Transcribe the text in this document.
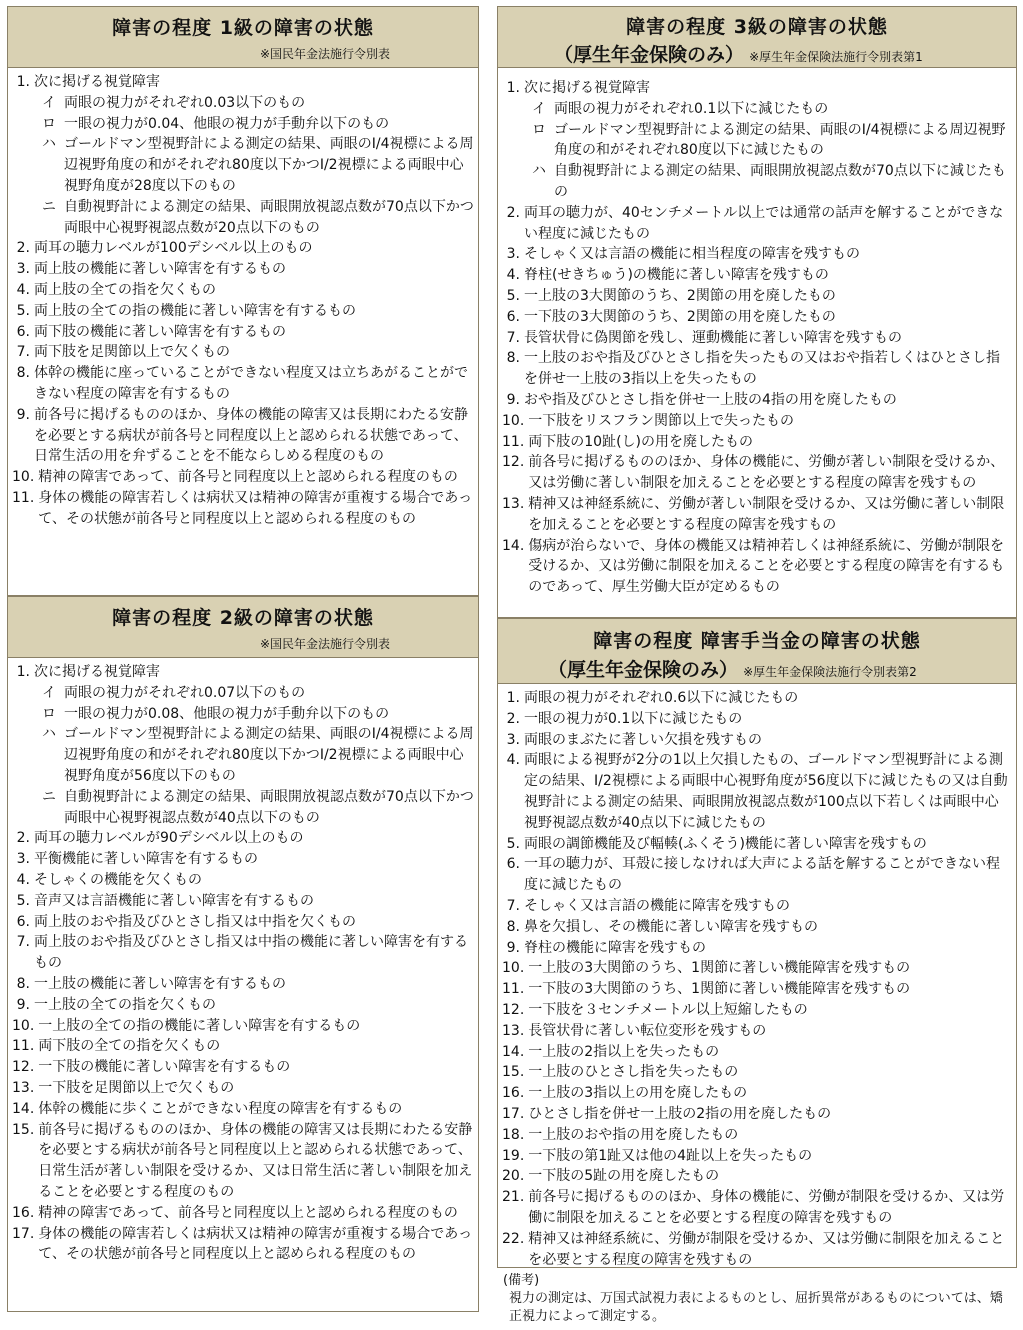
障害の程度 1級の障害の状態
※国民年金法施行令別表
1. 次に掲げる視覚障害
イ 両眼の視力がそれぞれ0.03以下のもの
ロ 一眼の視力が0.04、他眼の視力が手動弁以下のもの
ハ ゴールドマン型視野計による測定の結果、両眼のⅠ/4視標による周辺視野角度の和がそれぞれ80度以下かつⅠ/2視標による両眼中心視野角度が28度以下のもの
ニ 自動視野計による測定の結果、両眼開放視認点数が70点以下かつ両眼中心視野視認点数が20点以下のもの
2. 両耳の聴力レベルが100デシベル以上のもの
3. 両上肢の機能に著しい障害を有するもの
4. 両上肢の全ての指を欠くもの
5. 両上肢の全ての指の機能に著しい障害を有するもの
6. 両下肢の機能に著しい障害を有するもの
7. 両下肢を足関節以上で欠くもの
8. 体幹の機能に座っていることができない程度又は立ちあがることができない程度の障害を有するもの
9. 前各号に掲げるもののほか、身体の機能の障害又は長期にわたる安静を必要とする病状が前各号と同程度以上と認められる状態であって、日常生活の用を弁ずることを不能ならしめる程度のもの
10. 精神の障害であって、前各号と同程度以上と認められる程度のもの
11. 身体の機能の障害若しくは病状又は精神の障害が重複する場合であって、その状態が前各号と同程度以上と認められる程度のもの
障害の程度 2級の障害の状態
※国民年金法施行令別表
1. 次に掲げる視覚障害
イ 両眼の視力がそれぞれ0.07以下のもの
ロ 一眼の視力が0.08、他眼の視力が手動弁以下のもの
ハ ゴールドマン型視野計による測定の結果、両眼のⅠ/4視標による周辺視野角度の和がそれぞれ80度以下かつⅠ/2視標による両眼中心視野角度が56度以下のもの
ニ 自動視野計による測定の結果、両眼開放視認点数が70点以下かつ両眼中心視野視認点数が40点以下のもの
2. 両耳の聴力レベルが90デシベル以上のもの
3. 平衡機能に著しい障害を有するもの
4. そしゃくの機能を欠くもの
5. 音声又は言語機能に著しい障害を有するもの
6. 両上肢のおや指及びひとさし指又は中指を欠くもの
7. 両上肢のおや指及びひとさし指又は中指の機能に著しい障害を有するもの
8. 一上肢の機能に著しい障害を有するもの
9. 一上肢の全ての指を欠くもの
10. 一上肢の全ての指の機能に著しい障害を有するもの
11. 両下肢の全ての指を欠くもの
12. 一下肢の機能に著しい障害を有するもの
13. 一下肢を足関節以上で欠くもの
14. 体幹の機能に歩くことができない程度の障害を有するもの
15. 前各号に掲げるもののほか、身体の機能の障害又は長期にわたる安静を必要とする病状が前各号と同程度以上と認められる状態であって、日常生活が著しい制限を受けるか、又は日常生活に著しい制限を加えることを必要とする程度のもの
16. 精神の障害であって、前各号と同程度以上と認められる程度のもの
17. 身体の機能の障害若しくは病状又は精神の障害が重複する場合であって、その状態が前各号と同程度以上と認められる程度のもの
障害の程度 3級の障害の状態
（厚生年金保険のみ） ※厚生年金保険法施行令別表第1
1. 次に掲げる視覚障害
イ 両眼の視力がそれぞれ0.1以下に減じたもの
ロ ゴールドマン型視野計による測定の結果、両眼のⅠ/4視標による周辺視野角度の和がそれぞれ80度以下に減じたもの
ハ 自動視野計による測定の結果、両眼開放視認点数が70点以下に減じたもの
2. 両耳の聴力が、40センチメートル以上では通常の話声を解することができない程度に減じたもの
3. そしゃく又は言語の機能に相当程度の障害を残すもの
4. 脊柱(せきちゅう)の機能に著しい障害を残すもの
5. 一上肢の3大関節のうち、2関節の用を廃したもの
6. 一下肢の3大関節のうち、2関節の用を廃したもの
7. 長管状骨に偽関節を残し、運動機能に著しい障害を残すもの
8. 一上肢のおや指及びひとさし指を失ったもの又はおや指若しくはひとさし指を併せ一上肢の3指以上を失ったもの
9. おや指及びひとさし指を併せ一上肢の4指の用を廃したもの
10. 一下肢をリスフラン関節以上で失ったもの
11. 両下肢の10趾(し)の用を廃したもの
12. 前各号に掲げるもののほか、身体の機能に、労働が著しい制限を受けるか、又は労働に著しい制限を加えることを必要とする程度の障害を残すもの
13. 精神又は神経系統に、労働が著しい制限を受けるか、又は労働に著しい制限を加えることを必要とする程度の障害を残すもの
14. 傷病が治らないで、身体の機能又は精神若しくは神経系統に、労働が制限を受けるか、又は労働に制限を加えることを必要とする程度の障害を有するものであって、厚生労働大臣が定めるもの
障害の程度 障害手当金の障害の状態
（厚生年金保険のみ） ※厚生年金保険法施行令別表第2
1. 両眼の視力がそれぞれ0.6以下に減じたもの
2. 一眼の視力が0.1以下に減じたもの
3. 両眼のまぶたに著しい欠損を残すもの
4. 両眼による視野が2分の1以上欠損したもの、ゴールドマン型視野計による測定の結果、Ⅰ/2視標による両眼中心視野角度が56度以下に減じたもの又は自動視野計による測定の結果、両眼開放視認点数が100点以下若しくは両眼中心視野視認点数が40点以下に減じたもの
5. 両眼の調節機能及び輻輳(ふくそう)機能に著しい障害を残すもの
6. 一耳の聴力が、耳殻に接しなければ大声による話を解することができない程度に減じたもの
7. そしゃく又は言語の機能に障害を残すもの
8. 鼻を欠損し、その機能に著しい障害を残すもの
9. 脊柱の機能に障害を残すもの
10. 一上肢の3大関節のうち、1関節に著しい機能障害を残すもの
11. 一下肢の3大関節のうち、1関節に著しい機能障害を残すもの
12. 一下肢を３センチメートル以上短縮したもの
13. 長管状骨に著しい転位変形を残すもの
14. 一上肢の2指以上を失ったもの
15. 一上肢のひとさし指を失ったもの
16. 一上肢の3指以上の用を廃したもの
17. ひとさし指を併せ一上肢の2指の用を廃したもの
18. 一上肢のおや指の用を廃したもの
19. 一下肢の第1趾又は他の4趾以上を失ったもの
20. 一下肢の5趾の用を廃したもの
21. 前各号に掲げるもののほか、身体の機能に、労働が制限を受けるか、又は労働に制限を加えることを必要とする程度の障害を残すもの
22. 精神又は神経系統に、労働が制限を受けるか、又は労働に制限を加えることを必要とする程度の障害を残すもの
(備考)
視力の測定は、万国式試視力表によるものとし、屈折異常があるものについては、矯正視力によって測定する。
